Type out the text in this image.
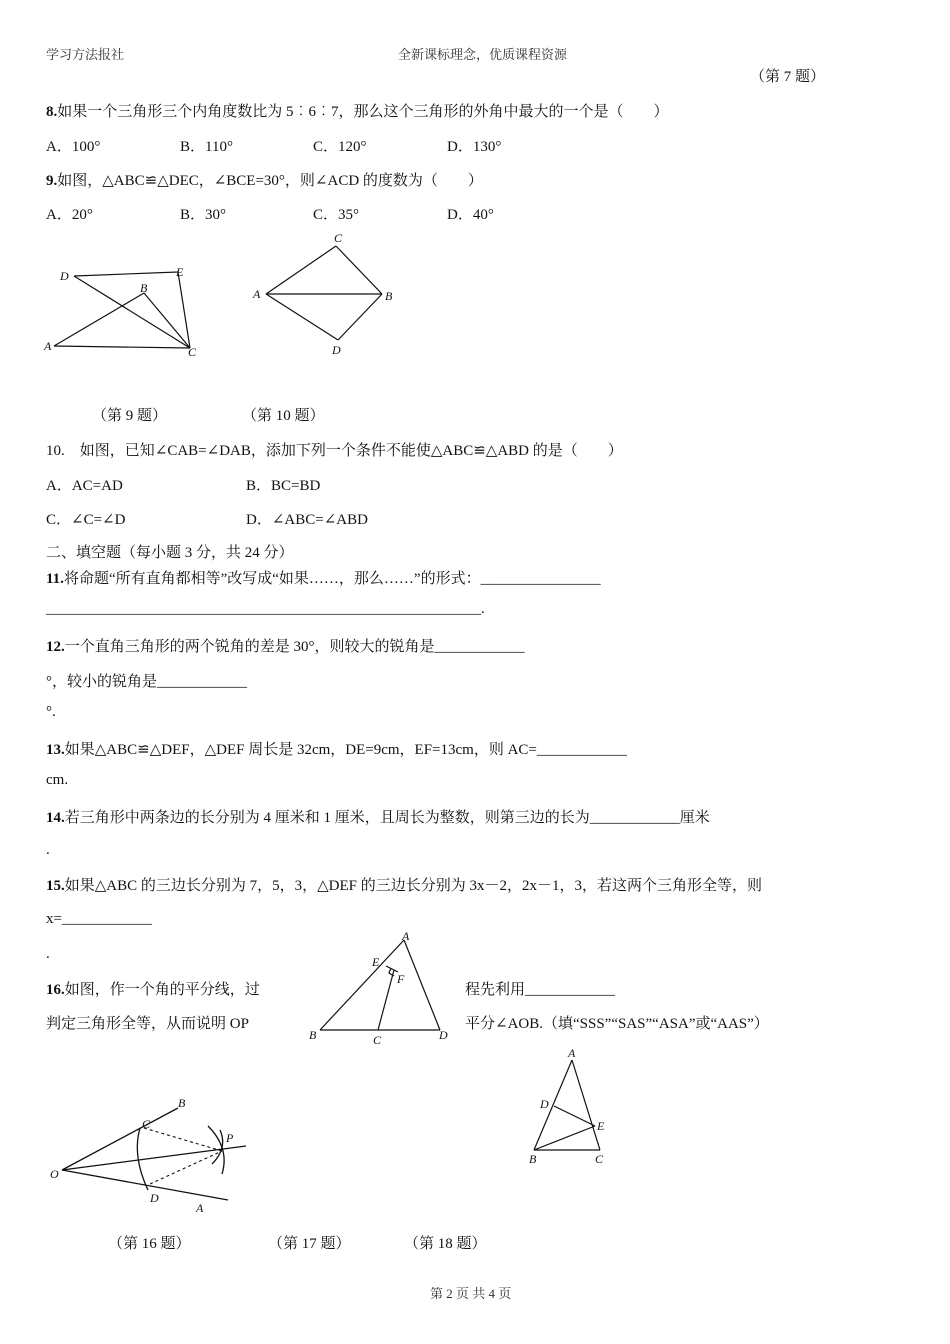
学习方法报社	全新课标理念，优质课程资源
（第 7 题）
8.如果一个三角形三个内角度数比为 5︰6︰7，那么这个三角形的外角中最大的一个是（　　）
A．100°	B．110°	C．120°	D．130°
9.如图，△ABC≌△DEC，∠BCE=30°，则∠ACD 的度数为（　　）
A．20°	B．30°	C．35°	D．40°
D	E
B
A	C
C
A	B
D
（第 9 题）	（第 10 题）
10.　如图，已知∠CAB=∠DAB，添加下列一个条件不能使△ABC≌△ABD 的是（　　）
A．AC=AD	B．BC=BD
C．∠C=∠D	D．∠ABC=∠ABD
二、填空题（每小题 3 分，共 24 分）
11.将命题“所有直角都相等”改写成“如果……，那么……”的形式：________________
__________________________________________________________.
12.一个直角三角形的两个锐角的差是 30°，则较大的锐角是____________
°，较小的锐角是____________
°.
13.如果△ABC≌△DEF，△DEF 周长是 32cm，DE=9cm，EF=13cm，则 AC=____________
cm.
14.若三角形中两条边的长分别为 4 厘米和 1 厘米，且周长为整数，则第三边的长为____________厘米
.
15.如果△ABC 的三边长分别为 7，5，3，△DEF 的三边长分别为 3x－2，2x－1，3，若这两个三角形全等，则
x=____________
.
A
E
F
B	C	D
16.如图，作一个角的平分线，过	程先利用____________
判定三角形全等，从而说明 OP	平分∠AOB.（填“SSS”“SAS”“ASA”或“AAS”）
B
C
P
O
D
A
A
D
E
B	C
（第 16 题）	（第 17 题）	（第 18 题）
第 2 页 共 4 页
